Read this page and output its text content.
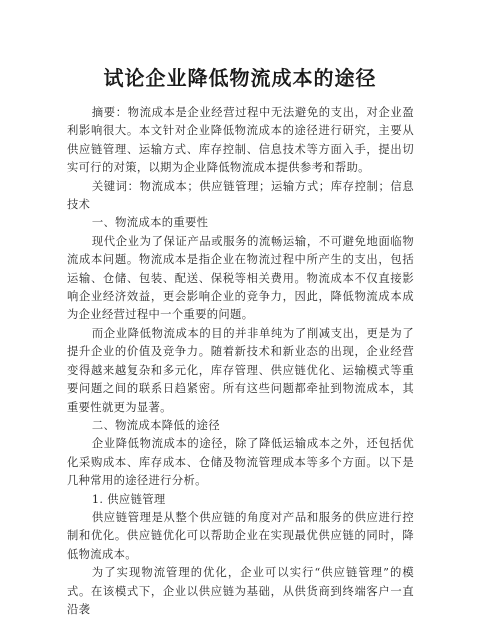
试论企业降低物流成本的途径

摘要：物流成本是企业经营过程中无法避免的支出，对企业盈利影响很大。本文针对企业降低物流成本的途径进行研究，主要从供应链管理、运输方式、库存控制、信息技术等方面入手，提出切实可行的对策，以期为企业降低物流成本提供参考和帮助。

关键词：物流成本；供应链管理；运输方式；库存控制；信息技术

一、物流成本的重要性

现代企业为了保证产品或服务的流畅运输，不可避免地面临物流成本问题。物流成本是指企业在物流过程中所产生的支出，包括运输、仓储、包装、配送、保税等相关费用。物流成本不仅直接影响企业经济效益，更会影响企业的竞争力，因此，降低物流成本成为企业经营过程中一个重要的问题。

而企业降低物流成本的目的并非单纯为了削减支出，更是为了提升企业的价值及竞争力。随着新技术和新业态的出现，企业经营变得越来越复杂和多元化，库存管理、供应链优化、运输模式等重要问题之间的联系日趋紧密。所有这些问题都牵扯到物流成本，其重要性就更为显著。

二、物流成本降低的途径

企业降低物流成本的途径，除了降低运输成本之外，还包括优化采购成本、库存成本、仓储及物流管理成本等多个方面。以下是几种常用的途径进行分析。

1. 供应链管理

供应链管理是从整个供应链的角度对产品和服务的供应进行控制和优化。供应链优化可以帮助企业在实现最优供应链的同时，降低物流成本。

为了实现物流管理的优化，企业可以实行“供应链管理”的模式。在该模式下，企业以供应链为基础，从供货商到终端客户一直沿袭
